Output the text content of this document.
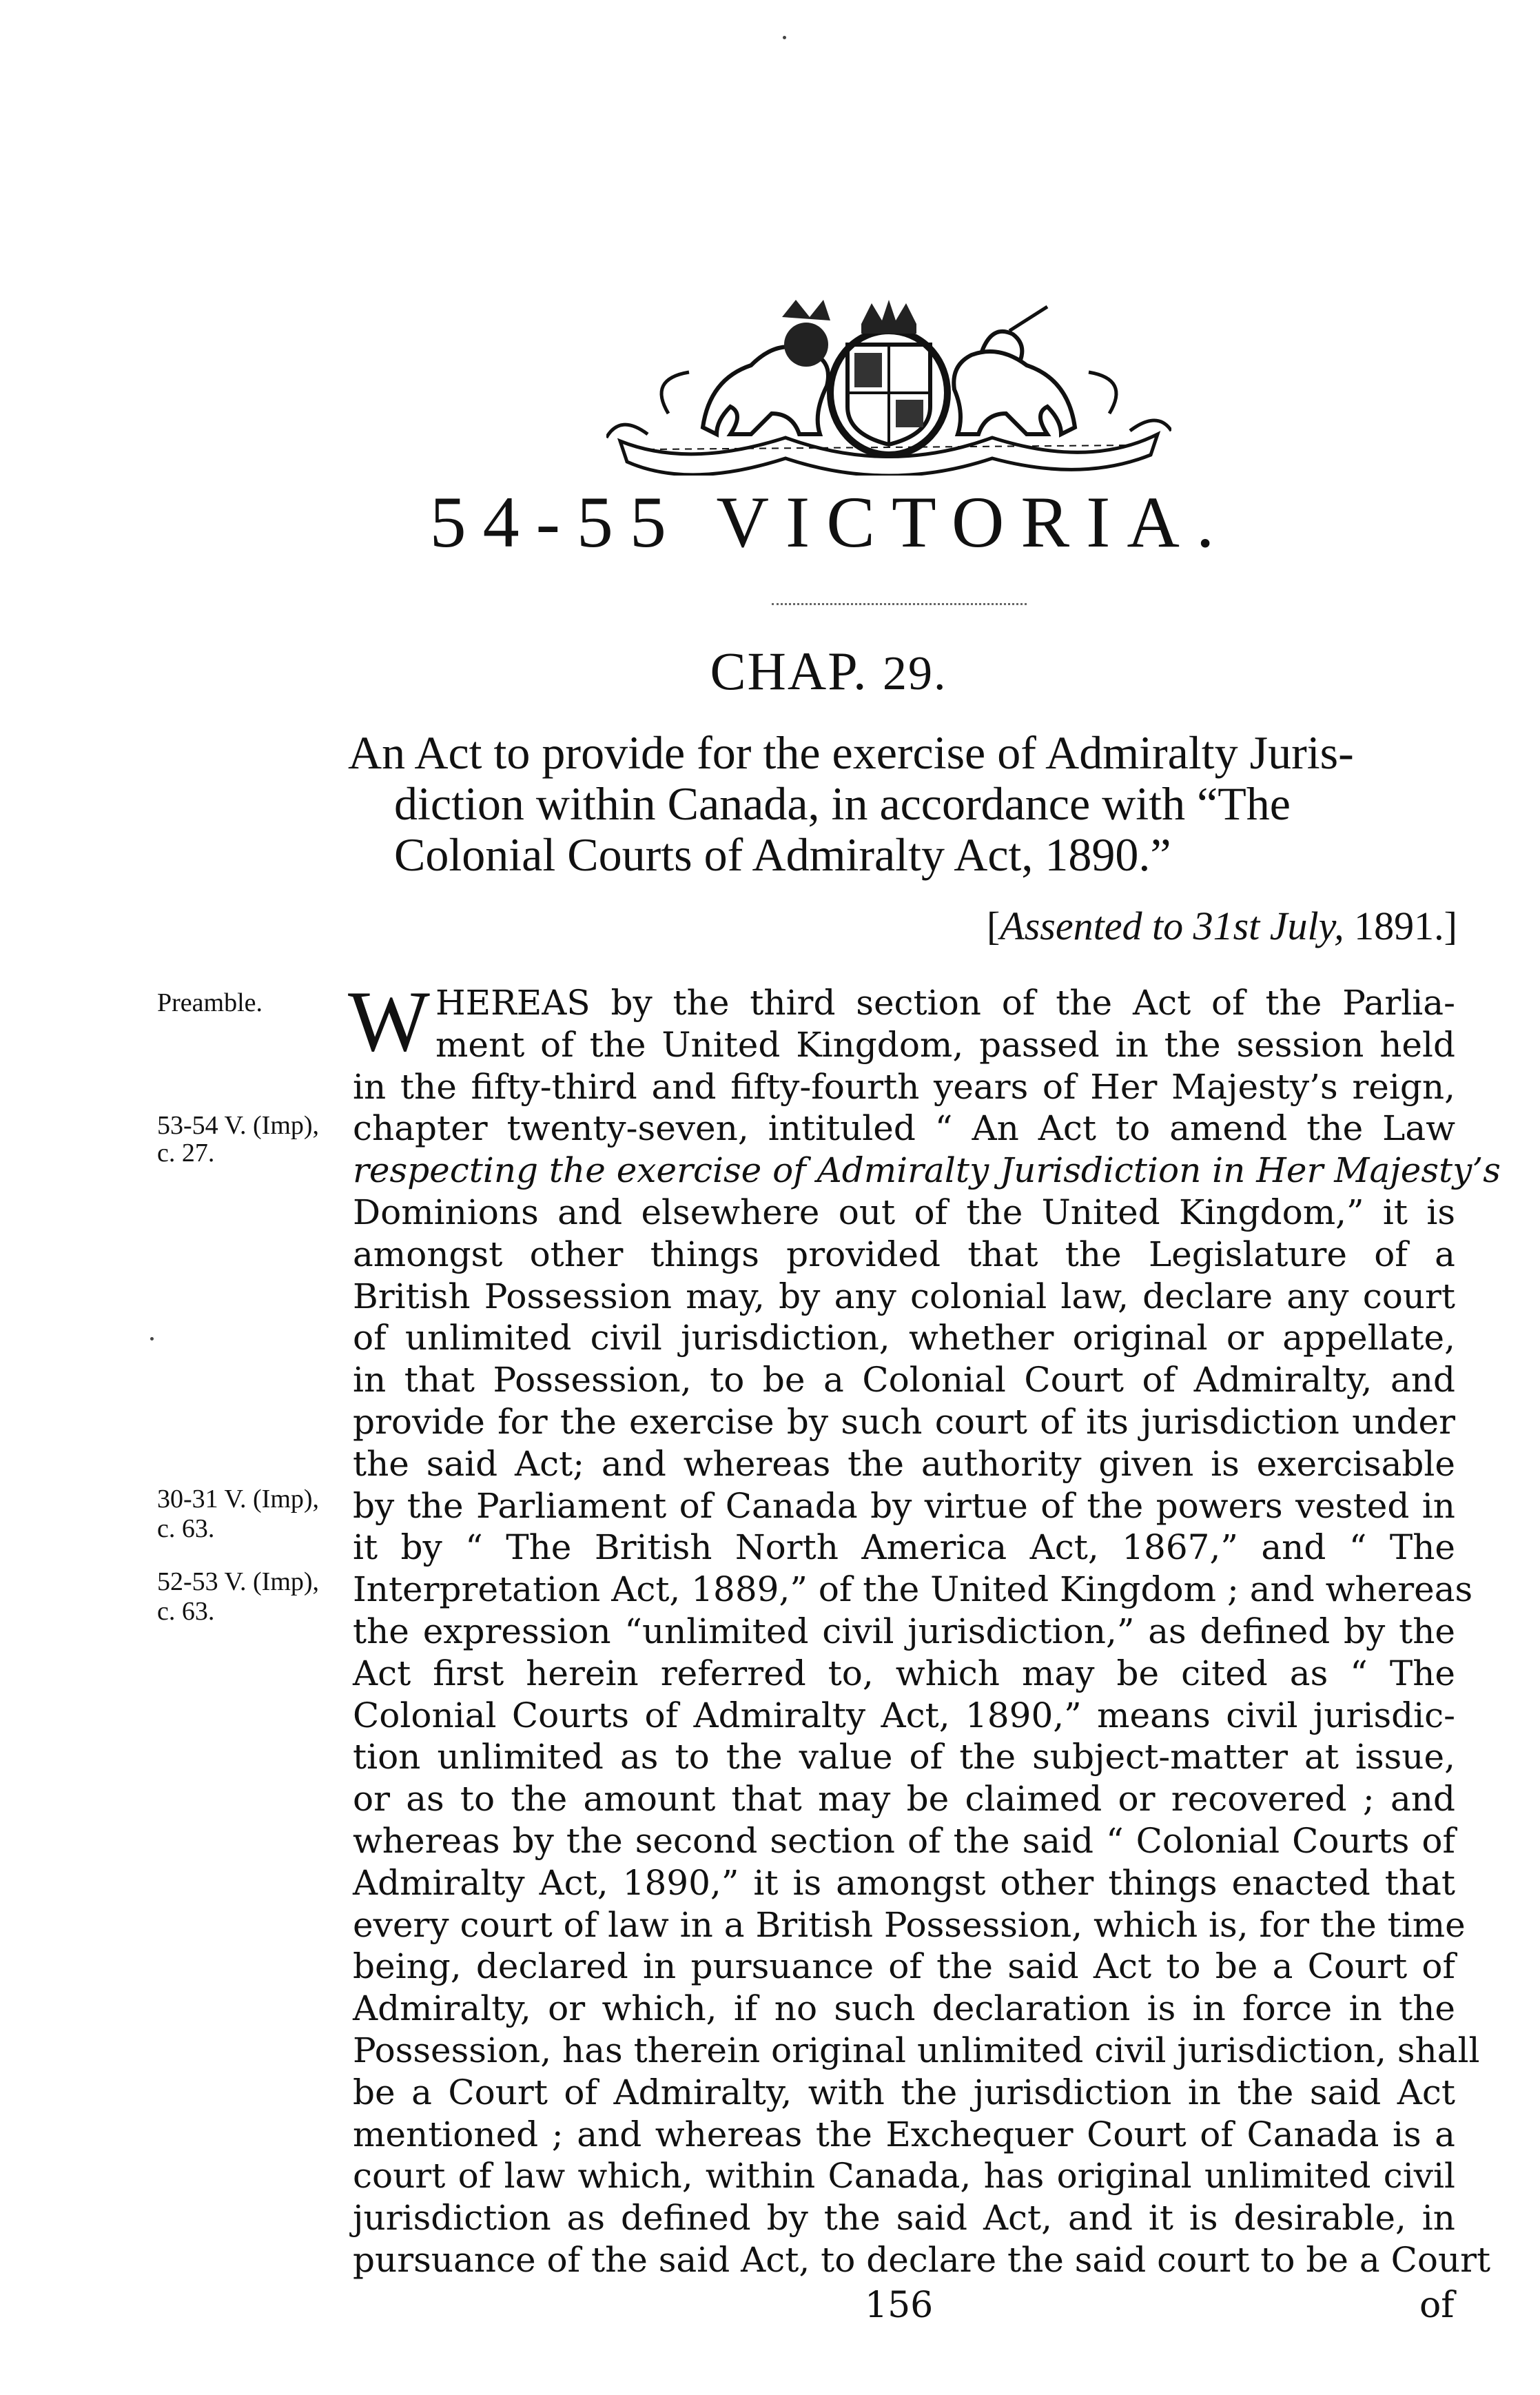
54-55 VICTORIA.
CHAP. 29.
An Act to provide for the exercise of Admiralty Juris-
diction within Canada, in accordance with “The
Colonial Courts of Admiralty Act, 1890.”
[Assented to 31st July, 1891.]
Preamble.
53-54 V. (Imp),
c. 27.
30-31 V. (Imp),
c. 63.
52-53 V. (Imp),
c. 63.
W HEREAS by the third section of the Act of the Parlia-
ment of the United Kingdom, passed in the session held
in the fifty-third and fifty-fourth years of Her Majesty’s reign,
chapter twenty-seven, intituled “ An Act to amend the Law
respecting the exercise of Admiralty Jurisdiction in Her Majesty’s
Dominions and elsewhere out of the United Kingdom,” it is
amongst other things provided that the Legislature of a
British Possession may, by any colonial law, declare any court
of unlimited civil jurisdiction, whether original or appellate,
in that Possession, to be a Colonial Court of Admiralty, and
provide for the exercise by such court of its jurisdiction under
the said Act; and whereas the authority given is exercisable
by the Parliament of Canada by virtue of the powers vested in
it by “ The British North America Act, 1867,” and “ The
Interpretation Act, 1889,” of the United Kingdom ; and whereas
the expression “unlimited civil jurisdiction,” as defined by the
Act first herein referred to, which may be cited as “ The
Colonial Courts of Admiralty Act, 1890,” means civil jurisdic-
tion unlimited as to the value of the subject-matter at issue,
or as to the amount that may be claimed or recovered ; and
whereas by the second section of the said “ Colonial Courts of
Admiralty Act, 1890,” it is amongst other things enacted that
every court of law in a British Possession, which is, for the time
being, declared in pursuance of the said Act to be a Court of
Admiralty, or which, if no such declaration is in force in the
Possession, has therein original unlimited civil jurisdiction, shall
be a Court of Admiralty, with the jurisdiction in the said Act
mentioned ; and whereas the Exchequer Court of Canada is a
court of law which, within Canada, has original unlimited civil
jurisdiction as defined by the said Act, and it is desirable, in
pursuance of the said Act, to declare the said court to be a Court
156	of
